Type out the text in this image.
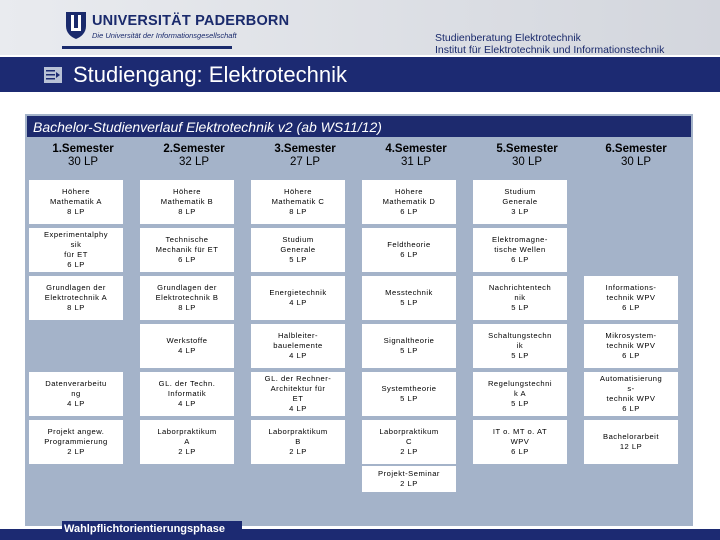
UNIVERSITÄT PADERBORN
Die Universität der Informationsgesellschaft	Studienberatung Elektrotechnik
Institut für Elektrotechnik und Informationstechnik
Studiengang: Elektrotechnik
Bachelor-Studienverlauf Elektrotechnik v2 (ab WS11/12)
1.Semester
30 LP
2.Semester
32 LP
3.Semester
27 LP
4.Semester
31 LP
5.Semester
30 LP
6.Semester
30 LP
Höhere
Mathematik A
8 LP
Höhere
Mathematik B
8 LP
Höhere
Mathematik C
8 LP
Höhere
Mathematik D
6 LP
Studium
Generale
3 LP
Experimentalphy
sik
für ET
6 LP
Technische
Mechanik für ET
6 LP
Studium
Generale
5 LP
Feldtheorie
6 LP
Elektromagne-
tische Wellen
6 LP
Grundlagen der
Elektrotechnik A
8 LP
Grundlagen der
Elektrotechnik B
8 LP
Energietechnik
4 LP
Messtechnik
5 LP
Nachrichtentech
nik
5 LP
Informations-
technik WPV
6 LP
Werkstoffe
4 LP
Halbleiter-
bauelemente
4 LP
Signaltheorie
5 LP
Schaltungstechn
ik
5 LP
Mikrosystem-
technik WPV
6 LP
Datenverarbeitu
ng
4 LP
GL. der Techn.
Informatik
4 LP
GL. der Rechner-
Architektur für
ET
4 LP
Systemtheorie
5 LP
Regelungstechni
k A
5 LP
Automatisierung
s-
technik WPV
6 LP
Projekt angew.
Programmierung
2 LP
Laborpraktikum
A
2 LP
Laborpraktikum
B
2 LP
Laborpraktikum
C
2 LP
IT o. MT o. AT
WPV
6 LP
Bachelorarbeit
12 LP
Projekt-Seminar
2 LP
Wahlpflichtorientierungsphase
